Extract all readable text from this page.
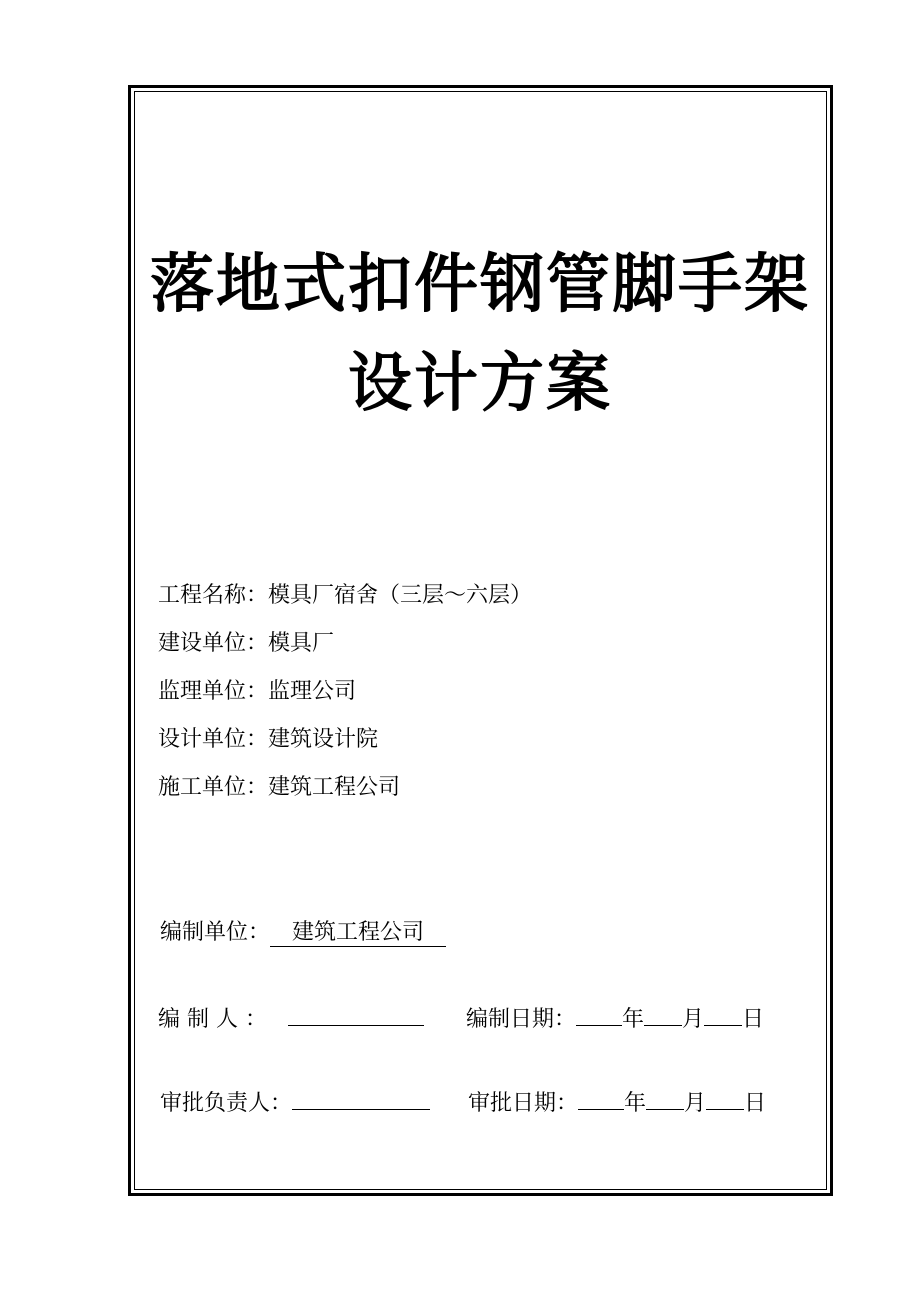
落地式扣件钢管脚手架
设计方案
工程名称：模具厂宿舍（三层～六层）
建设单位：模具厂
监理单位：监理公司
设计单位：建筑设计院
施工单位：建筑工程公司
编制单位： 建筑工程公司
编 制 人 ：	编制日期： 年 月 日
审批负责人：	审批日期： 年 月 日
